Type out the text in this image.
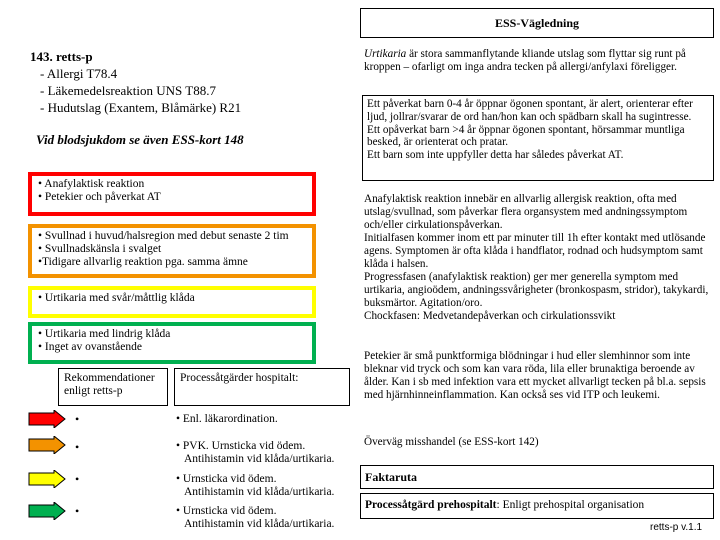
ESS-Vägledning
143. retts-p
- Allergi T78.4
- Läkemedelsreaktion UNS T88.7
- Hudutslag (Exantem, Blåmärke) R21
Vid blodsjukdom se även ESS-kort 148
• Anafylaktisk reaktion
• Petekier och påverkat AT
• Svullnad i huvud/halsregion med debut senaste 2 tim
• Svullnadskänsla i svalget
•Tidigare allvarlig reaktion pga. samma ämne
• Urtikaria med svår/måttlig klåda
• Urtikaria med lindrig klåda
• Inget av ovanstående
Rekommendationer enligt retts-p
Processåtgärder hospitalt:
•
•
•
•
• Enl. läkarordination.
• PVK. Urnsticka vid ödem.
Antihistamin vid klåda/urtikaria.
• Urnsticka vid ödem.
Antihistamin vid klåda/urtikaria.
• Urnsticka vid ödem.
Antihistamin vid klåda/urtikaria.
Urtikaria är stora sammanflytande kliande utslag som flyttar sig runt på kroppen – ofarligt om inga andra tecken på allergi/anfylaxi föreligger.
Ett påverkat barn 0-4 år öppnar ögonen spontant, är alert, orienterar efter ljud, jollrar/svarar de ord han/hon kan och spädbarn skall ha sugintresse.
Ett opåverkat barn >4 år öppnar ögonen spontant, hörsammar muntliga besked, är orienterat och pratar.
Ett barn som inte uppfyller detta har således påverkat AT.
Anafylaktisk reaktion innebär en allvarlig allergisk reaktion, ofta med utslag/svullnad, som påverkar flera organsystem med andningssymptom och/eller cirkulationspåverkan.
Initialfasen kommer inom ett par minuter till 1h efter kontakt med utlösande agens. Symptomen är ofta klåda i handflator, rodnad och hudsymptom samt klåda i halsen.
Progressfasen (anafylaktisk reaktion) ger mer generella symptom med urtikaria, angioödem, andningssvårigheter (bronkospasm, stridor), takykardi, buksmärtor. Agitation/oro.
Chockfasen: Medvetandepåverkan och cirkulationssvikt
Petekier är små punktformiga blödningar i hud eller slemhinnor som inte bleknar vid tryck och som kan vara röda, lila eller brunaktiga beroende av ålder. Kan i sb med infektion vara ett mycket allvarligt tecken på bl.a. sepsis med hjärnhinneinflammation. Kan också ses vid ITP och leukemi.
Överväg misshandel (se ESS-kort 142)
Faktaruta
Processåtgärd prehospitalt: Enligt prehospital organisation
retts-p v.1.1
